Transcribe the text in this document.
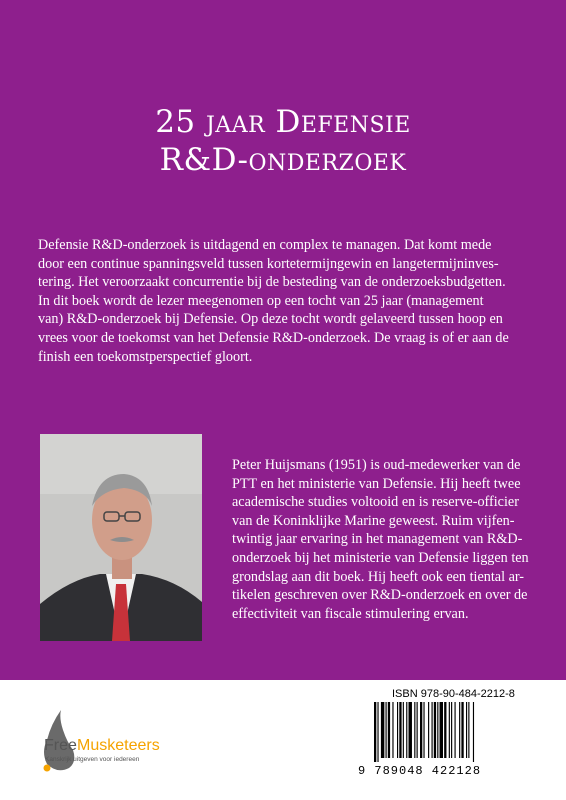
25 jaar Defensie
R&D-onderzoek
Defensie R&D-onderzoek is uitdagend en complex te managen. Dat komt mede
door een continue spanningsveld tussen kortetermijngewin en langetermijninves-
tering. Het veroorzaakt concurrentie bij de besteding van de onderzoeksbudgetten.
In dit boek wordt de lezer meegenomen op een tocht van 25 jaar (management
van) R&D-onderzoek bij Defensie. Op deze tocht wordt gelaveerd tussen hoop en
vrees voor de toekomst van het Defensie R&D-onderzoek. De vraag is of er aan de
finish een toekomstperspectief gloort.
Peter Huijsmans (1951) is oud-medewerker van de
PTT en het ministerie van Defensie. Hij heeft twee
academische studies voltooid en is reserve-officier
van de Koninklijke Marine geweest. Ruim vijfen-
twintig jaar ervaring in het management van R&D-
onderzoek bij het ministerie van Defensie liggen ten
grondslag aan dit boek. Hij heeft ook een tiental ar-
tikelen geschreven over R&D-onderzoek en over de
effectiviteit van fiscale stimulering ervan.
Free Musketeers
Kanskrijk uitgeven voor iedereen
ISBN 978-90-484-2212-8
9 789048 422128
